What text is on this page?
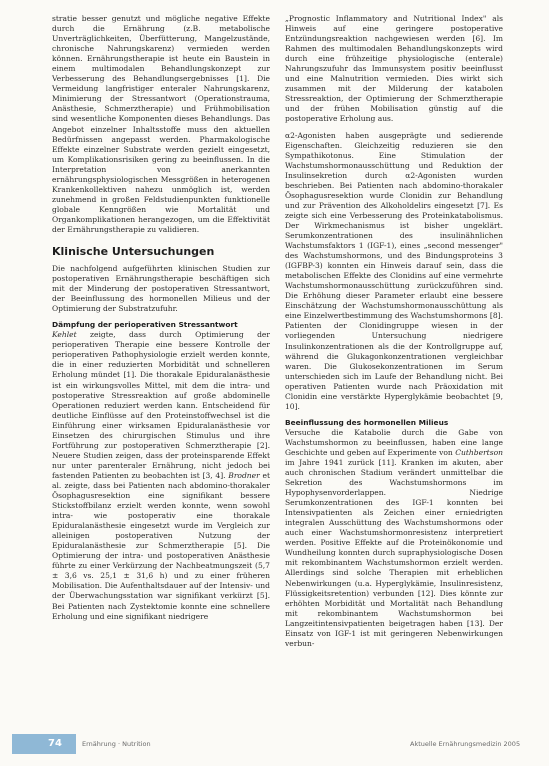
stratie besser genutzt und mögliche negative Effekte durch die Ernährung (z.B. metabolische Unverträglichkeiten, Überfütterung, Mangelzustände, chronische Nahrungskarenz) vermieden werden können. Ernährungstherapie ist heute ein Baustein in einem multimodalen Behandlungskonzept zur Verbesserung des Behandlungsergebnisses [1]. Die Vermeidung langfristiger enteraler Nahrungskarenz, Minimierung der Stressantwort (Operationstrauma, Anästhesie, Schmerztherapie) und Frühmobilisation sind wesentliche Komponenten dieses Behandlungs. Das Angebot einzelner Inhaltsstoffe muss den aktuellen Bedürfnissen angepasst werden. Pharmakologische Effekte einzelner Substrate werden gezielt eingesetzt, um Komplikationsrisiken gering zu beeinflussen. In die Interpretation von anerkannten ernährungsphysiologischen Messgrößen in heterogenen Krankenkollektiven nahezu unmöglich ist, werden zunehmend in großen Feldstudienpunkten funktionelle globale Kenngrößen wie Mortalität und Organkomplikationen herangezogen, um die Effektivität der Ernährungstherapie zu validieren.

Klinische Untersuchungen

Die nachfolgend aufgeführten klinischen Studien zur postoperativen Ernährungstherapie beschäftigen sich mit der Minderung der postoperativen Stressantwort, der Beeinflussung des hormonellen Milieus und der Optimierung der Substratzufuhr.

Dämpfung der perioperativen Stressantwort

Kehlet zeigte, dass durch Optimierung der perioperativen Therapie eine bessere Kontrolle der perioperativen Pathophysiologie erzielt werden konnte, die in einer reduzierten Morbidität und schnelleren Erholung mündet [1]. Die thorakale Epiduralanästhesie ist ein wirkungsvolles Mittel, mit dem die intra- und postoperative Stressreaktion auf große abdominelle Operationen reduziert werden kann. Entscheidend für deutliche Einflüsse auf den Proteinstoffwechsel ist die Einführung einer wirksamen Epiduralanästhesie vor Einsetzen des chirurgischen Stimulus und ihre Fortführung zur postoperativen Schmerztherapie [2]. Neuere Studien zeigen, dass der proteinsparende Effekt nur unter parenteraler Ernährung, nicht jedoch bei fastenden Patienten zu beobachten ist [3, 4]. Brodner et al. zeigte, dass bei Patienten nach abdomino-thorakaler Ösophagusresektion eine signifikant bessere Stickstoffbilanz erzielt werden konnte, wenn sowohl intra- wie postoperativ eine thorakale Epiduralanästhesie eingesetzt wurde im Vergleich zur alleinigen postoperativen Nutzung der Epiduralanästhesie zur Schmerztherapie [5]. Die Optimierung der intra- und postoperativen Anästhesie führte zu einer Verkürzung der Nachbeatmungszeit (5,7 ± 3,6 vs. 25,1 ± 31,6 h) und zu einer früheren Mobilisation. Die Aufenthaltsdauer auf der Intensiv- und der Überwachungsstation war signifikant verkürzt [5]. Bei Patienten nach Zystektomie konnte eine schnellere Erholung und eine signifikant niedrigere

„Prognostic Inflammatory and Nutritional Index" als Hinweis auf eine geringere postoperative Entzündungsreaktion nachgewiesen werden [6]. Im Rahmen des multimodalen Behandlungskonzepts wird durch eine frühzeitige physiologische (enterale) Nahrungszufuhr das Immunsystem positiv beeinflusst und eine Malnutrition vermieden. Dies wirkt sich zusammen mit der Milderung der katabolen Stressreaktion, der Optimierung der Schmerztherapie und der frühen Mobilisation günstig auf die postoperative Erholung aus.

α2-Agonisten haben ausgeprägte und sedierende Eigenschaften. Gleichzeitig reduzieren sie den Sympathikotonus. Eine Stimulation der Wachstumshormonausschüttung und Reduktion der Insulinsekretion durch α2-Agonisten wurden beschrieben. Bei Patienten nach abdomino-thorakaler Ösophagusresektion wurde Clonidin zur Behandlung und zur Prävention des Alkoholdelirs eingesetzt [7]. Es zeigte sich eine Verbesserung des Proteinkatabolismus. Der Wirkmechanismus ist bisher ungeklärt. Serumkonzentrationen des insulinähnlichen Wachstumsfaktors 1 (IGF-1), eines „second messenger" des Wachstumshormons, und des Bindungsproteins 3 (IGFBP-3) konnten ein Hinweis darauf sein, dass die metabolischen Effekte des Clonidins auf eine vermehrte Wachstumshormonausschüttung zurückzuführen sind. Die Erhöhung dieser Parameter erlaubt eine bessere Einschätzung der Wachstumshormonausschüttung als eine Einzelwertbestimmung des Wachstumshormons [8]. Patienten der Clonidingruppe wiesen in der vorliegenden Untersuchung niedrigere Insulinkonzentrationen als die der Kontrollgruppe auf, während die Glukagonkonzentrationen vergleichbar waren. Die Glukosekonzentrationen im Serum unterschieden sich im Laufe der Behandlung nicht. Bei operativen Patienten wurde nach Präoxidation mit Clonidin eine verstärkte Hyperglykämie beobachtet [9, 10].

Beeinflussung des hormonellen Milieus

Versuche die Katabolie durch die Gabe von Wachstumshormon zu beeinflussen, haben eine lange Geschichte und geben auf Experimente von Cuthbertson im Jahre 1941 zurück [11]. Kranken im akuten, aber auch chronischen Stadium verändert unmittelbar die Sekretion des Wachstumshormons im Hypophysenvorderlappen. Niedrige Serumkonzentrationen des IGF-1 konnten bei Intensivpatienten als Zeichen einer erniedrigten integralen Ausschüttung des Wachstumshormons oder auch einer Wachstumshormonresistenz interpretiert werden. Positive Effekte auf die Proteinökonomie und Wundheilung konnten durch supraphysiologische Dosen mit rekombinantem Wachstumshormon erzielt werden. Allerdings sind solche Therapien mit erheblichen Nebenwirkungen (u.a. Hyperglykämie, Insulinresistenz, Flüssigkeitsretention) verbunden [12]. Dies könnte zur erhöhten Morbidität und Mortalität nach Behandlung mit rekombinantem Wachstumshormon bei Langzeitintensivpatienten beigetragen haben [13]. Der Einsatz von IGF-1 ist mit geringeren Nebenwirkungen verbun-

74	Ernährung · Nutrition	Aktuelle Ernährungsmedizin 2005
